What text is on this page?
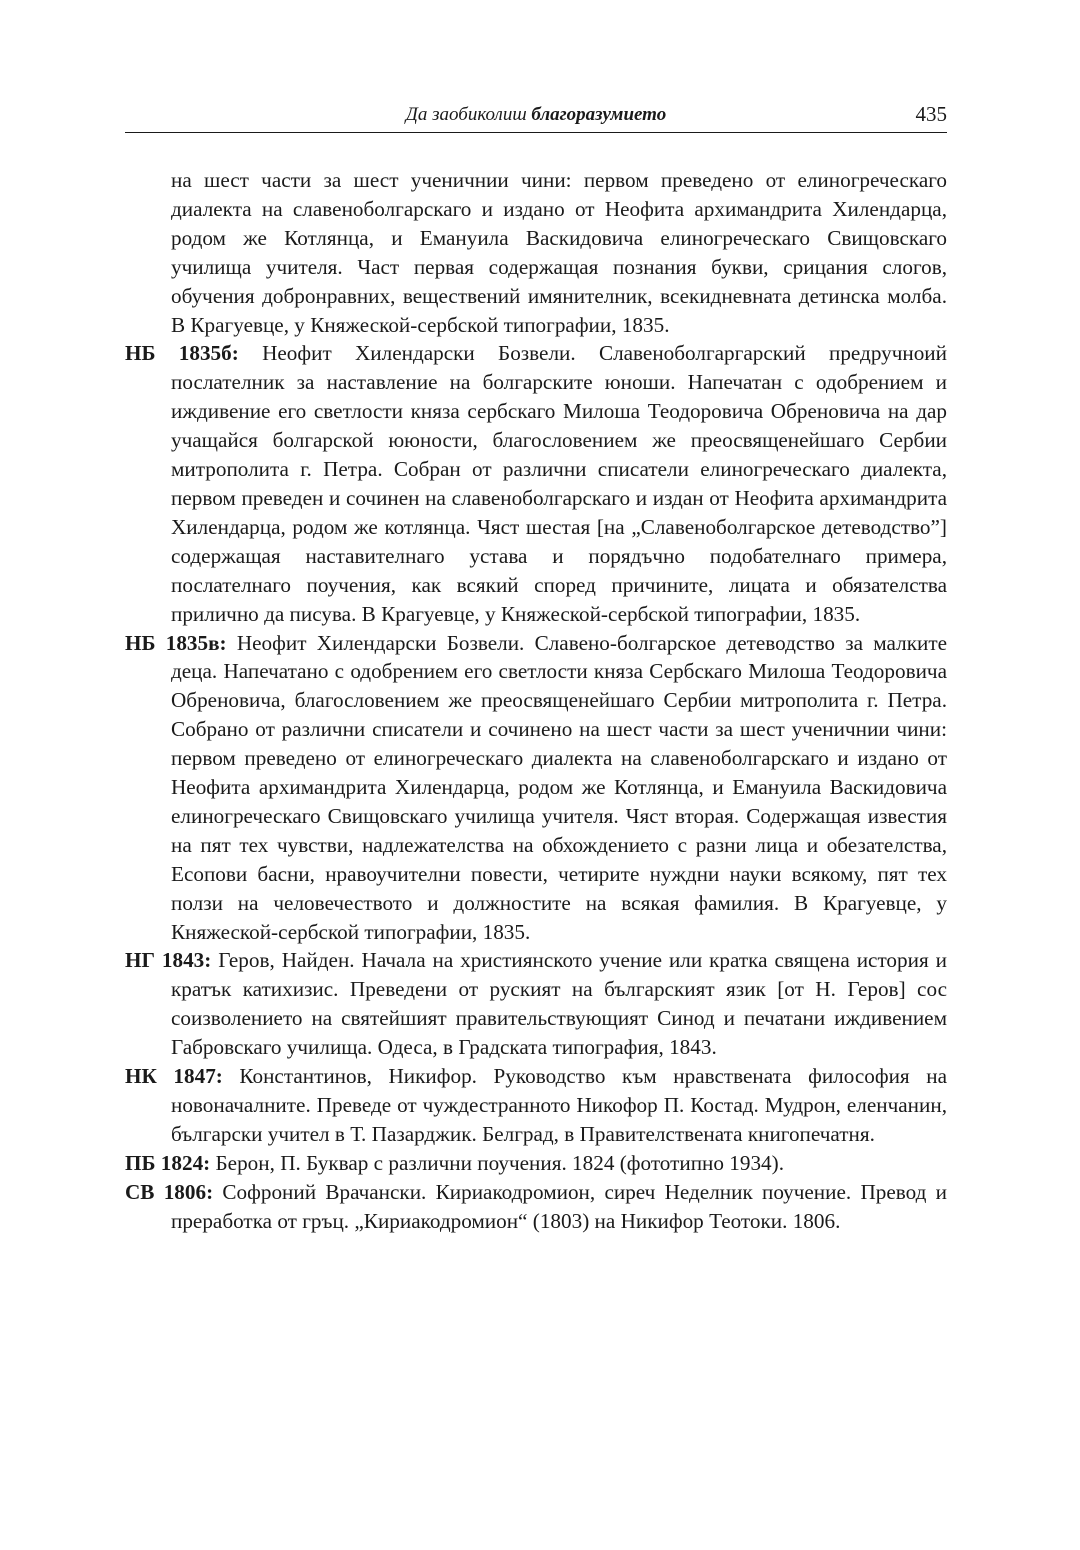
Да заобиколиш благоразумието	435

на шест части за шест ученичнии чини: первом преведено от елиногреческаго диалекта на славеноболгарскаго и издано от Неофита архимандрита Хилендарца, родом же Котлянца, и Емануила Васкидовича елиногреческаго Свищовскаго училища учителя. Част первая содержащая познания букви, срицания слогов, обучения добронравних, веществений имянителник, всекидневната детинска молба. В Крагуевце, у Княжеской-сербской типографии, 1835.

НБ 1835б: Неофит Хилендарски Бозвели. Славеноболгаргарский предручноий послателник за наставление на болгарските юноши. Напечатан с одобрением и иждивение его светлости княза сербскаго Милоша Теодоровича Обреновича на дар учащайся болгарской ююности, благословением же преосвященейшаго Сербии митрополита г. Петра. Собран от различни списатели елиногреческаго диалекта, первом преведен и сочинен на славеноболгарскаго и издан от Неофита архимандрита Хилендарца, родом же котлянца. Чяст шестая [на „Славеноболгарское детеводство”] содержащая наставителнаго устава и порядъчно подобателнаго примера, послателнаго поучения, как всякий според причините, лицата и обязателства прилично да писува. В Крагуевце, у Княжеской-сербской типографии, 1835.

НБ 1835в: Неофит Хилендарски Бозвели. Славено-болгарское детеводство за малките деца. Напечатано с одобрением его светлости княза Сербскаго Милоша Теодоровича Обреновича, благословением же преосвященейшаго Сербии митрополита г. Петра. Собрано от различни списатели и сочинено на шест части за шест ученичнии чини: первом преведено от елиногреческаго диалекта на славеноболгарскаго и издано от Неофита архимандрита Хилендарца, родом же Котлянца, и Емануила Васкидовича елиногреческаго Свищовскаго училища учителя. Чяст вторая. Содержащая известия на пят тех чувстви, надлежателства на обхождението с разни лица и обезателства, Есопови басни, нравоучителни повести, четирите нуждни науки всякому, пят тех ползи на человечеството и должностите на всякая фамилия. В Крагуевце, у Княжеской-сербской типографии, 1835.

НГ 1843: Геров, Найден. Начала на християнското учение или кратка священа история и кратък катихизис. Преведени от руският на българският язик [от Н. Геров] сос соизволението на святейшият правительствующият Синод и печатани иждивением Габровскаго училища. Одеса, в Градската типография, 1843.

НК 1847: Константинов, Никифор. Руководство към нравствената философия на новоначалните. Преведе от чуждестранното Никофор П. Костад. Мудрон, еленчанин, български учител в Т. Пазарджик. Белград, в Правителствената книгопечатня.

ПБ 1824: Берон, П. Буквар с различни поучения. 1824 (фототипно 1934).

СВ 1806: Софроний Врачански. Кириакодромион, сиреч Неделник поучение. Превод и преработка от гръц. „Кириакодромион“ (1803) на Никифор Теотоки. 1806.
